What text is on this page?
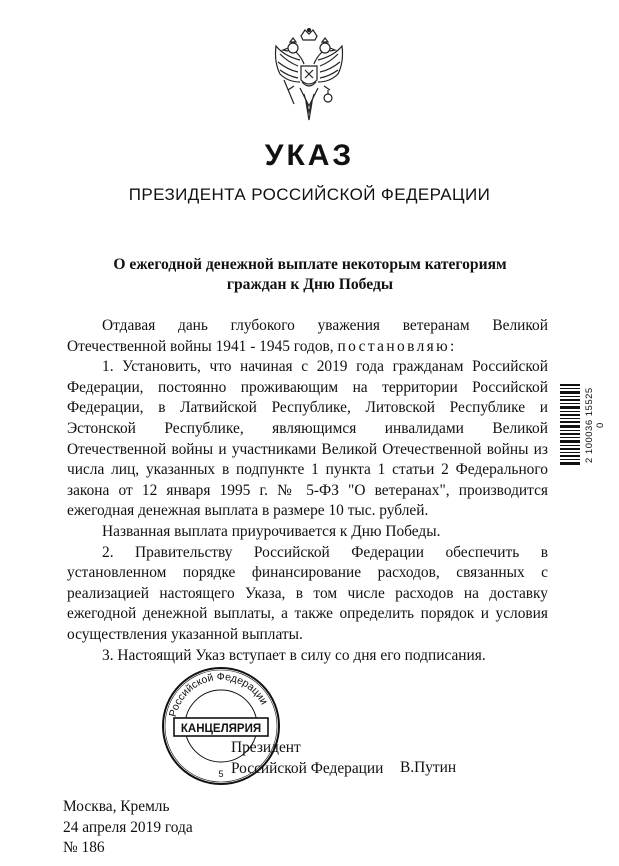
УКАЗ
ПРЕЗИДЕНТА РОССИЙСКОЙ ФЕДЕРАЦИИ
О ежегодной денежной выплате некоторым категориям
граждан к Дню Победы

Отдавая дань глубокого уважения ветеранам Великой Отечественной войны 1941 - 1945 годов, постановляю:

1. Установить, что начиная с 2019 года гражданам Российской Федерации, постоянно проживающим на территории Российской Федерации, в Латвийской Республике, Литовской Республике и Эстонской Республике, являющимся инвалидами Великой Отечественной войны и участниками Великой Отечественной войны из числа лиц, указанных в подпункте 1 пункта 1 статьи 2 Федерального закона от 12 января 1995 г. № 5-ФЗ "О ветеранах", производится ежегодная денежная выплата в размере 10 тыс. рублей.

Названная выплата приурочивается к Дню Победы.

2. Правительству Российской Федерации обеспечить в установленном порядке финансирование расходов, связанных с реализацией настоящего Указа, в том числе расходов на доставку ежегодной денежной выплаты, а также определить порядок и условия осуществления указанной выплаты.

3. Настоящий Указ вступает в силу со дня его подписания.

2 100036 15525 0
Российской Федерации
КАНЦЕЛЯРИЯ
5
Президент
Российской Федерации В.Путин
Москва, Кремль
24 апреля 2019 года
№ 186
